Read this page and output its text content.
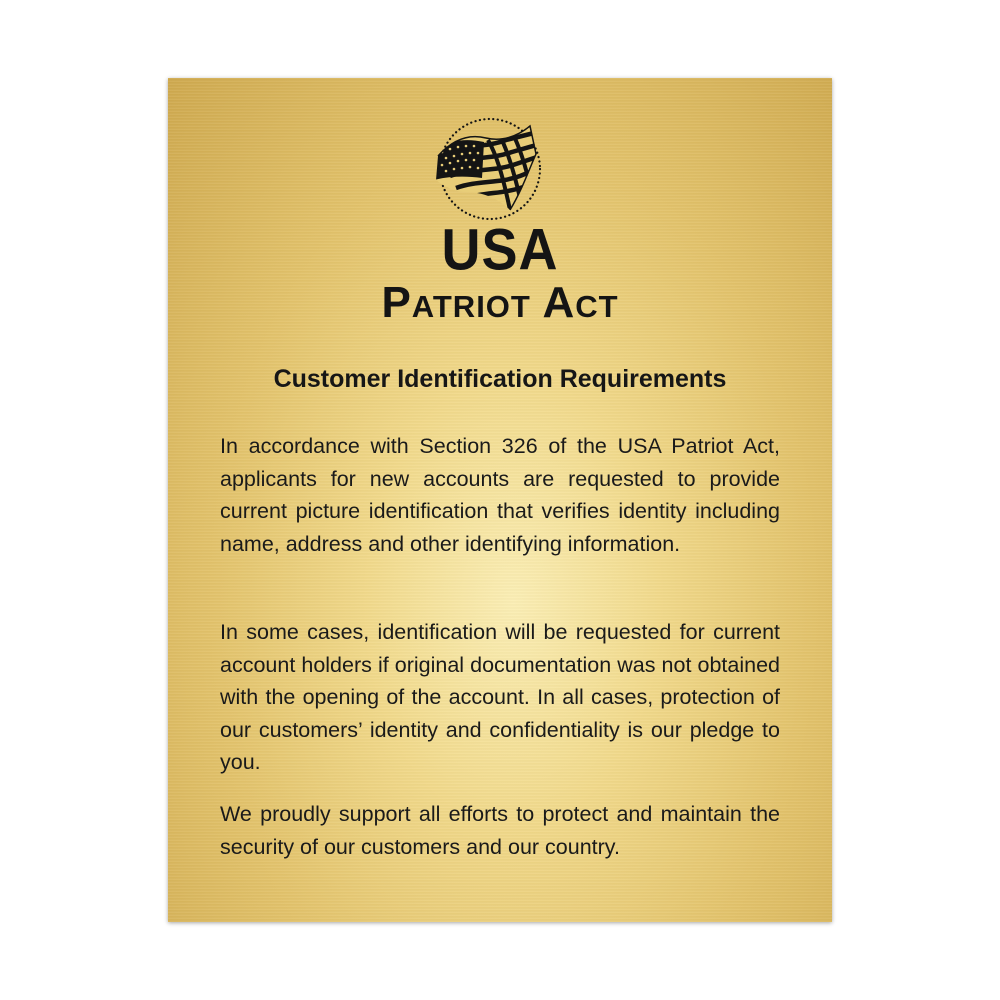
USA
Patriot Act
Customer Identification Requirements

In accordance with Section 326 of the USA Patriot Act, applicants for new accounts are requested to provide current picture identification that verifies identity including name, address and other identifying information.

In some cases, identification will be requested for current account holders if original documentation was not obtained with the opening of the account. In all cases, protection of our customers’ identity and confidentiality is our pledge to you.

We proudly support all efforts to protect and maintain the security of our customers and our country.
